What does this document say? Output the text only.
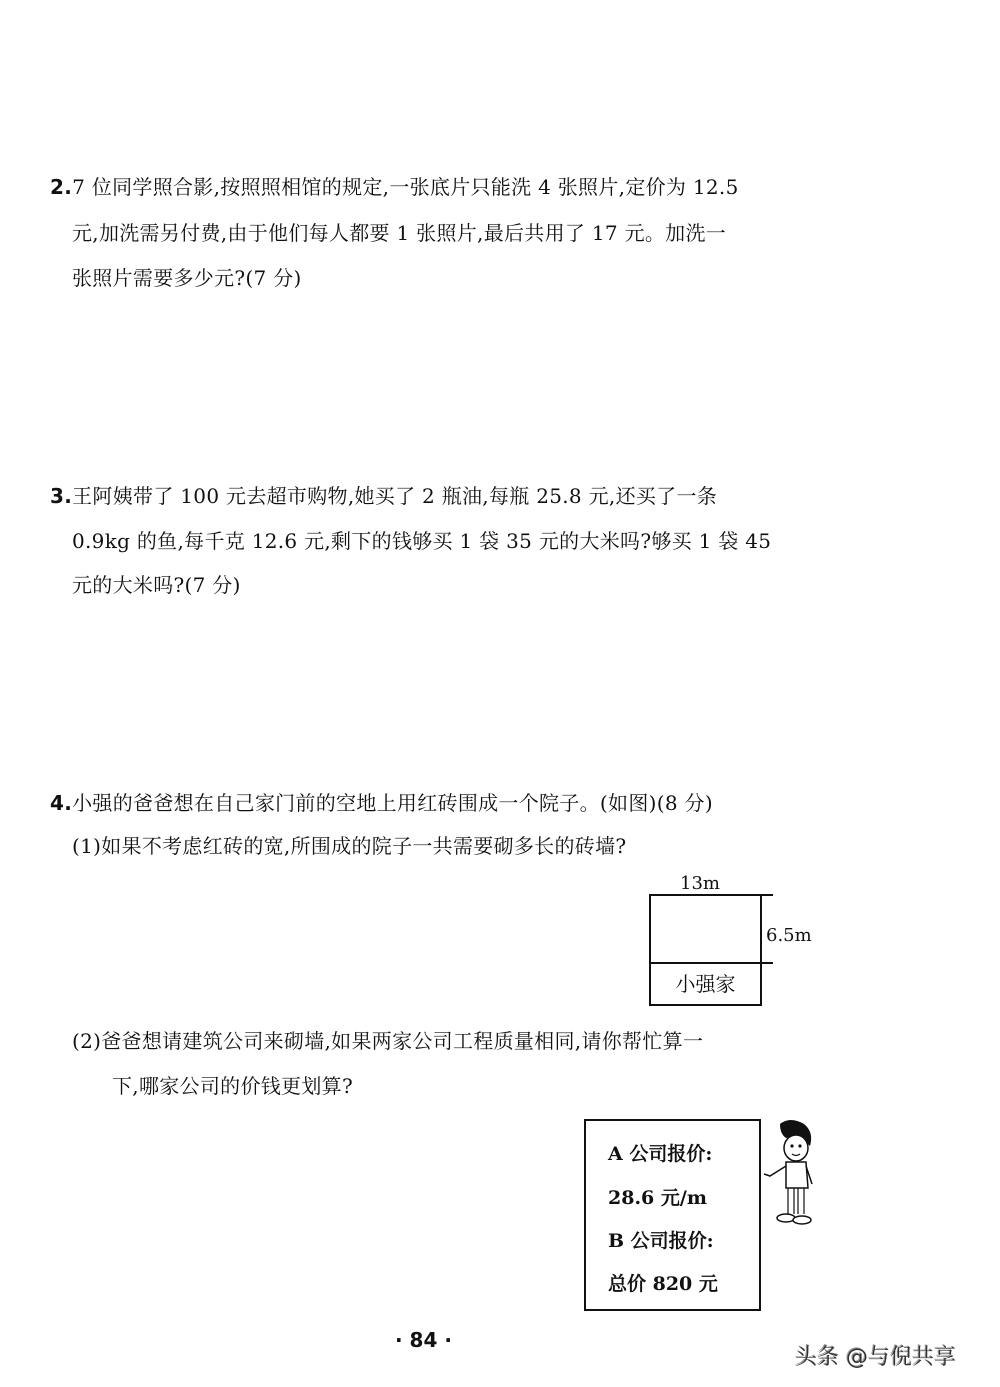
2.7 位同学照合影,按照照相馆的规定,一张底片只能洗 4 张照片,定价为 12.5
元,加洗需另付费,由于他们每人都要 1 张照片,最后共用了 17 元。加洗一
张照片需要多少元?(7 分)
3.王阿姨带了 100 元去超市购物,她买了 2 瓶油,每瓶 25.8 元,还买了一条
0.9kg 的鱼,每千克 12.6 元,剩下的钱够买 1 袋 35 元的大米吗?够买 1 袋 45
元的大米吗?(7 分)
4.小强的爸爸想在自己家门前的空地上用红砖围成一个院子。(如图)(8 分)
(1)如果不考虑红砖的宽,所围成的院子一共需要砌多长的砖墙?
13m
6.5m
小强家
(2)爸爸想请建筑公司来砌墙,如果两家公司工程质量相同,请你帮忙算一
下,哪家公司的价钱更划算?
A 公司报价:
28.6 元/m
B 公司报价:
总价 820 元
· 84 ·
头条 @与倪共享
